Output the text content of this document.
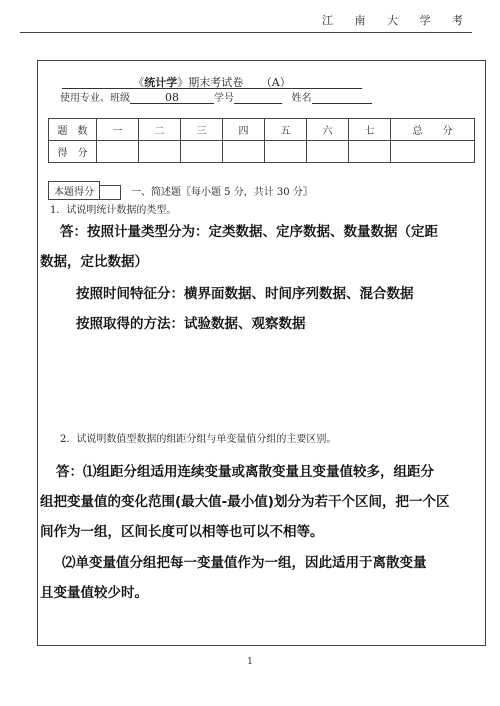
江 南 大 学 考
《统计学》期末考试卷 （A）
使用专业、班级	08	学号	姓名
题　数	一	二	三	四	五	六	七	总　　分
得　分								
本题得分	一、简述题〖每小题 5 分，共计 30 分〗
1．试说明统计数据的类型。
答：按照计量类型分为：定类数据、定序数据、数量数据（定距
数据，定比数据）
按照时间特征分：横界面数据、时间序列数据、混合数据
按照取得的方法：试验数据、观察数据
2．试说明数值型数据的组距分组与单变量值分组的主要区别。
答：⑴组距分组适用连续变量或离散变量且变量值较多，组距分
组把变量值的变化范围(最大值-最小值)划分为若干个区间，把一个区
间作为一组，区间长度可以相等也可以不相等。
⑵单变量值分组把每一变量值作为一组，因此适用于离散变量
且变量值较少时。
1
